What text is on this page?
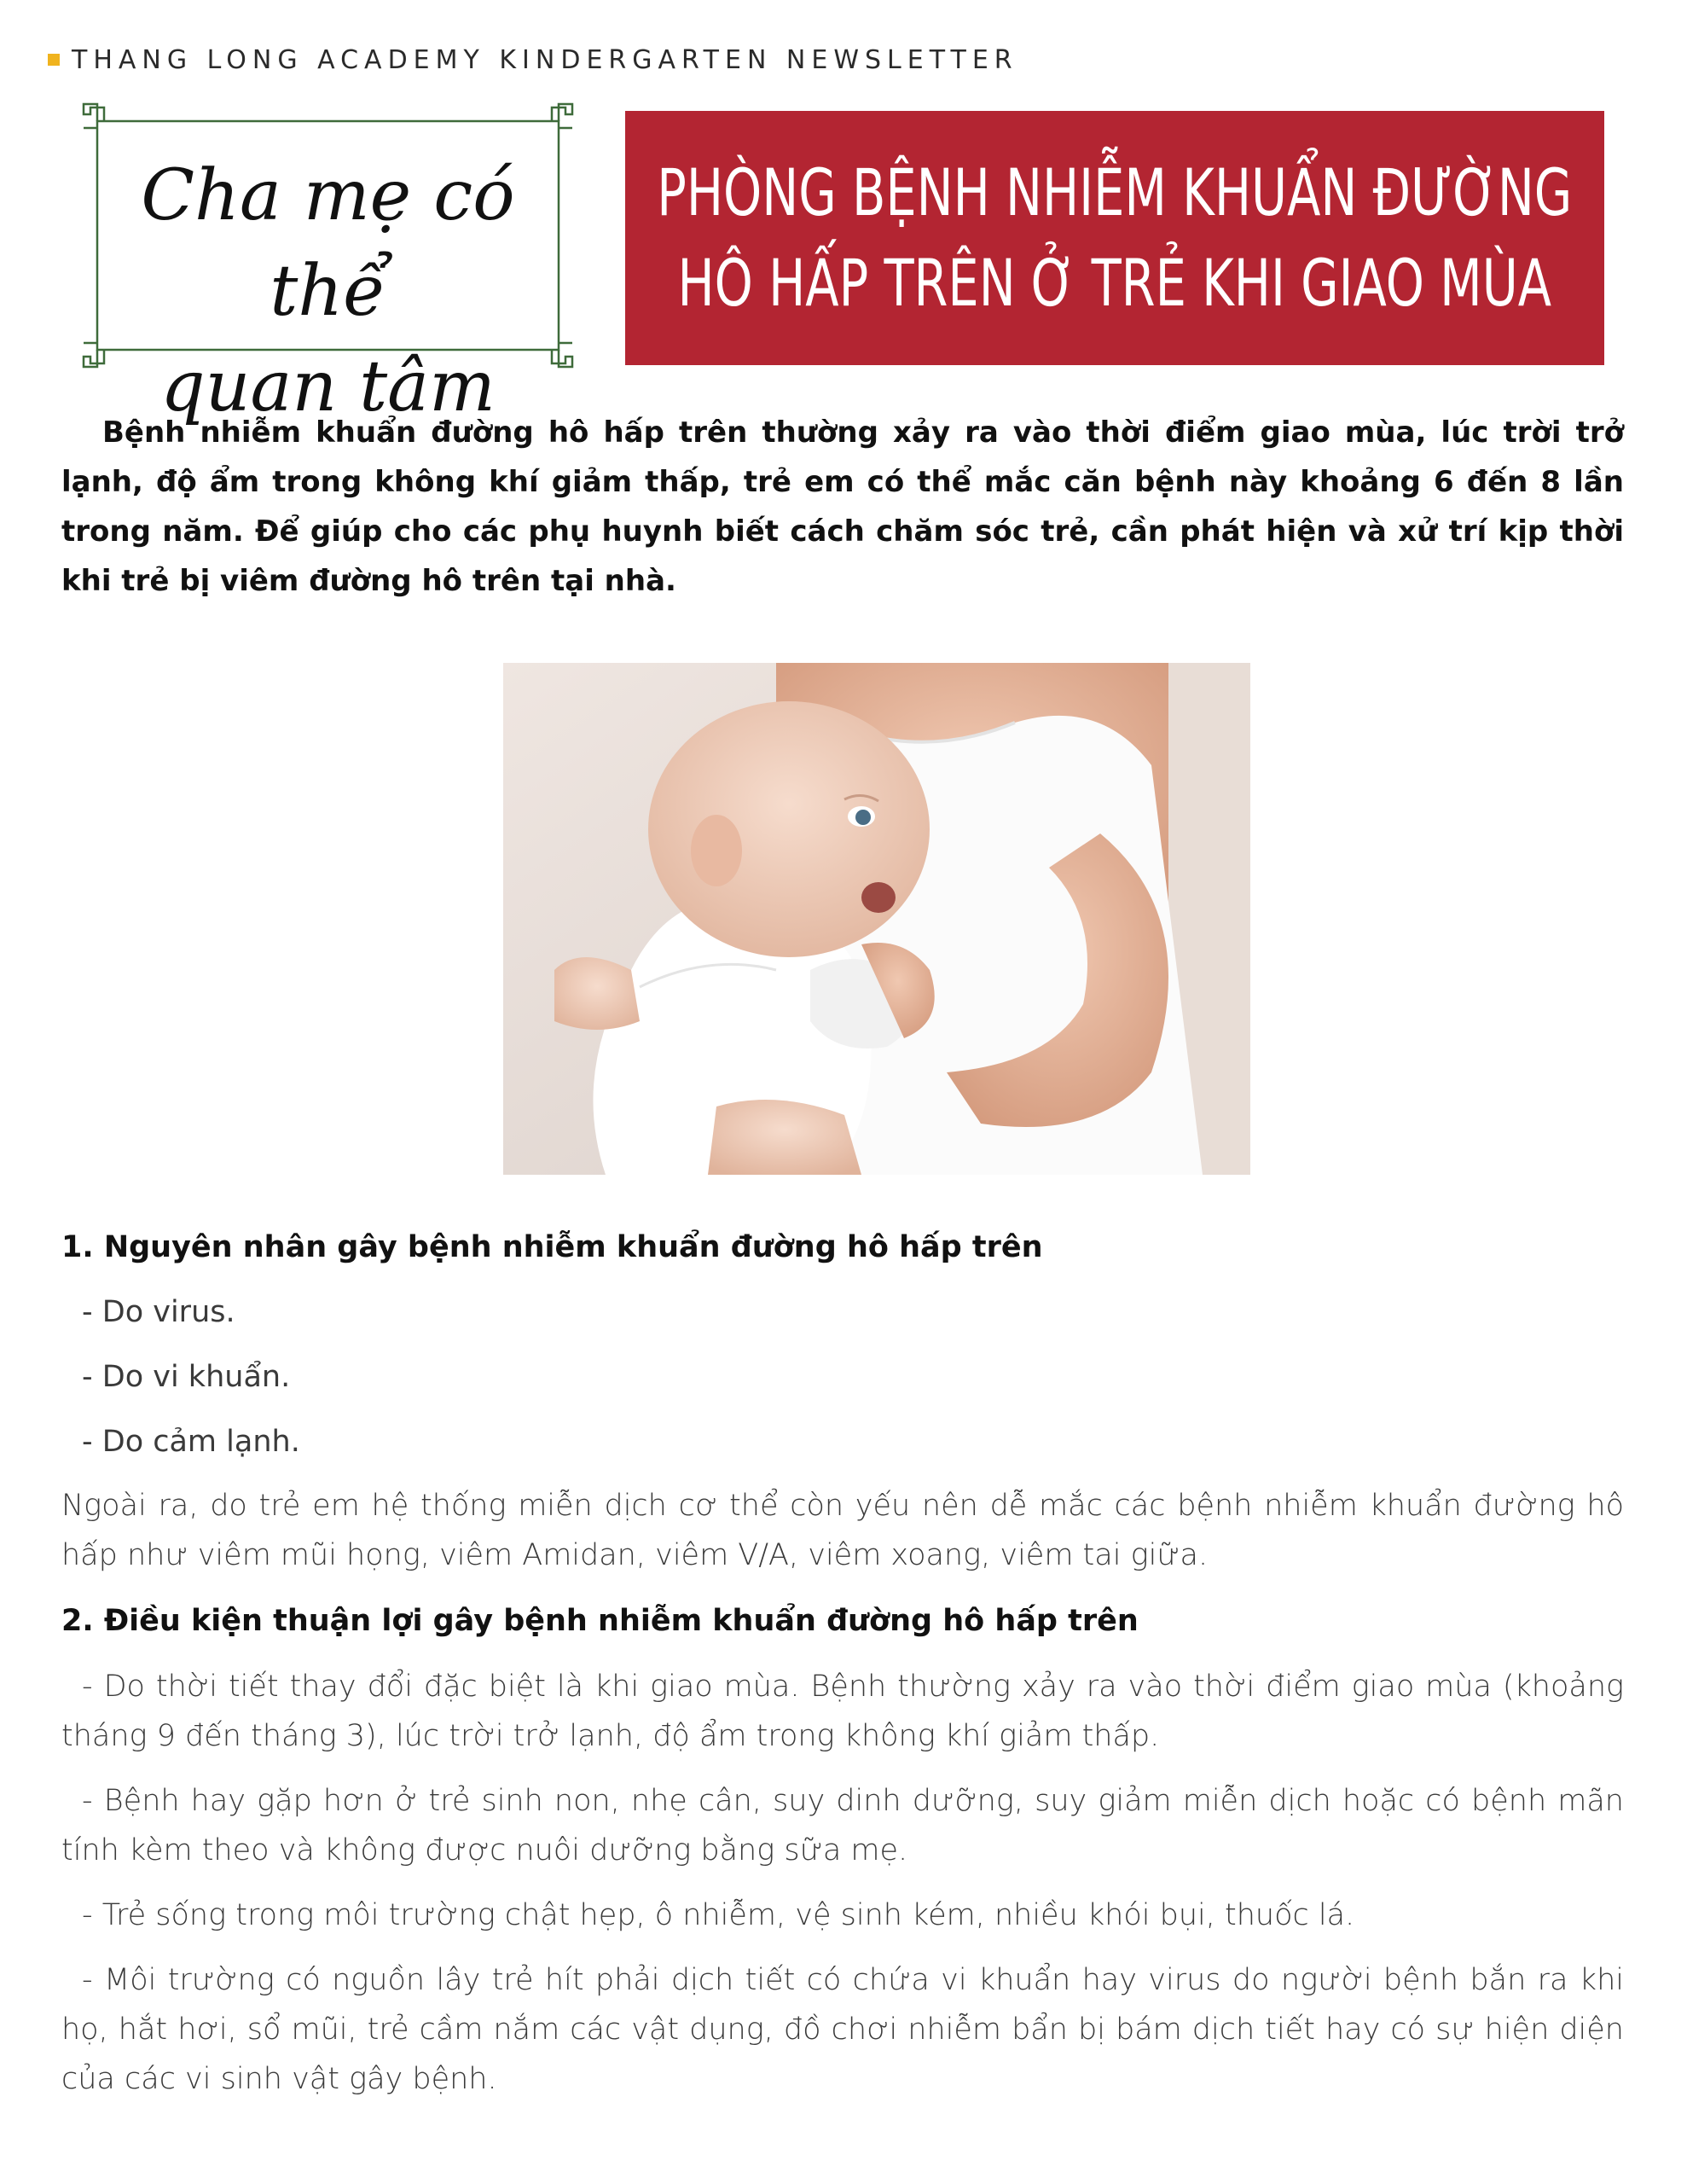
THANG LONG ACADEMY KINDERGARTEN NEWSLETTER
Cha mẹ có thể
quan tâm
PHÒNG BỆNH NHIỄM KHUẨN ĐƯỜNG
HÔ HẤP TRÊN Ở TRẺ KHI GIAO MÙA
Bệnh nhiễm khuẩn đường hô hấp trên thường xảy ra vào thời điểm giao mùa, lúc trời trở lạnh, độ ẩm trong không khí giảm thấp, trẻ em có thể mắc căn bệnh này khoảng 6 đến 8 lần trong năm. Để giúp cho các phụ huynh biết cách chăm sóc trẻ, cần phát hiện và xử trí kịp thời khi trẻ bị viêm đường hô trên tại nhà.
1. Nguyên nhân gây bệnh nhiễm khuẩn đường hô hấp trên
- Do virus.
- Do vi khuẩn.
- Do cảm lạnh.
Ngoài ra, do trẻ em hệ thống miễn dịch cơ thể còn yếu nên dễ mắc các bệnh nhiễm khuẩn đường hô hấp như viêm mũi họng, viêm Amidan, viêm V/A, viêm xoang, viêm tai giữa.
2. Điều kiện thuận lợi gây bệnh nhiễm khuẩn đường hô hấp trên
- Do thời tiết thay đổi đặc biệt là khi giao mùa. Bệnh thường xảy ra vào thời điểm giao mùa (khoảng tháng 9 đến tháng 3), lúc trời trở lạnh, độ ẩm trong không khí giảm thấp.
- Bệnh hay gặp hơn ở trẻ sinh non, nhẹ cân, suy dinh dưỡng, suy giảm miễn dịch hoặc có bệnh mãn tính kèm theo và không được nuôi dưỡng bằng sữa mẹ.
- Trẻ sống trong môi trường chật hẹp, ô nhiễm, vệ sinh kém, nhiều khói bụi, thuốc lá.
- Môi trường có nguồn lây trẻ hít phải dịch tiết có chứa vi khuẩn hay virus do người bệnh bắn ra khi họ, hắt hơi, sổ mũi, trẻ cầm nắm các vật dụng, đồ chơi nhiễm bẩn bị bám dịch tiết hay có sự hiện diện của các vi sinh vật gây bệnh.
